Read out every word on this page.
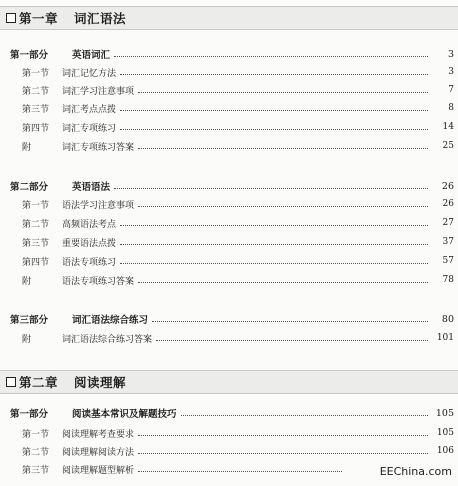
第一章 词汇语法
第一部分	英语词汇	3
第一节	词汇记忆方法	3
第二节	词汇学习注意事项	7
第三节	词汇考点点拨	8
第四节	词汇专项练习	14
附	词汇专项练习答案	25
第二部分	英语语法	26
第一节	语法学习注意事项	26
第二节	高频语法考点	27
第三节	重要语法点拨	37
第四节	语法专项练习	57
附	语法专项练习答案	78
第三部分	词汇语法综合练习	80
附	词汇语法综合练习答案	101
第二章 阅读理解
第一部分	阅读基本常识及解题技巧	105
第一节	阅读理解考查要求	105
第二节	阅读理解阅读方法	106
第三节	阅读理解题型解析	EEChina.com
